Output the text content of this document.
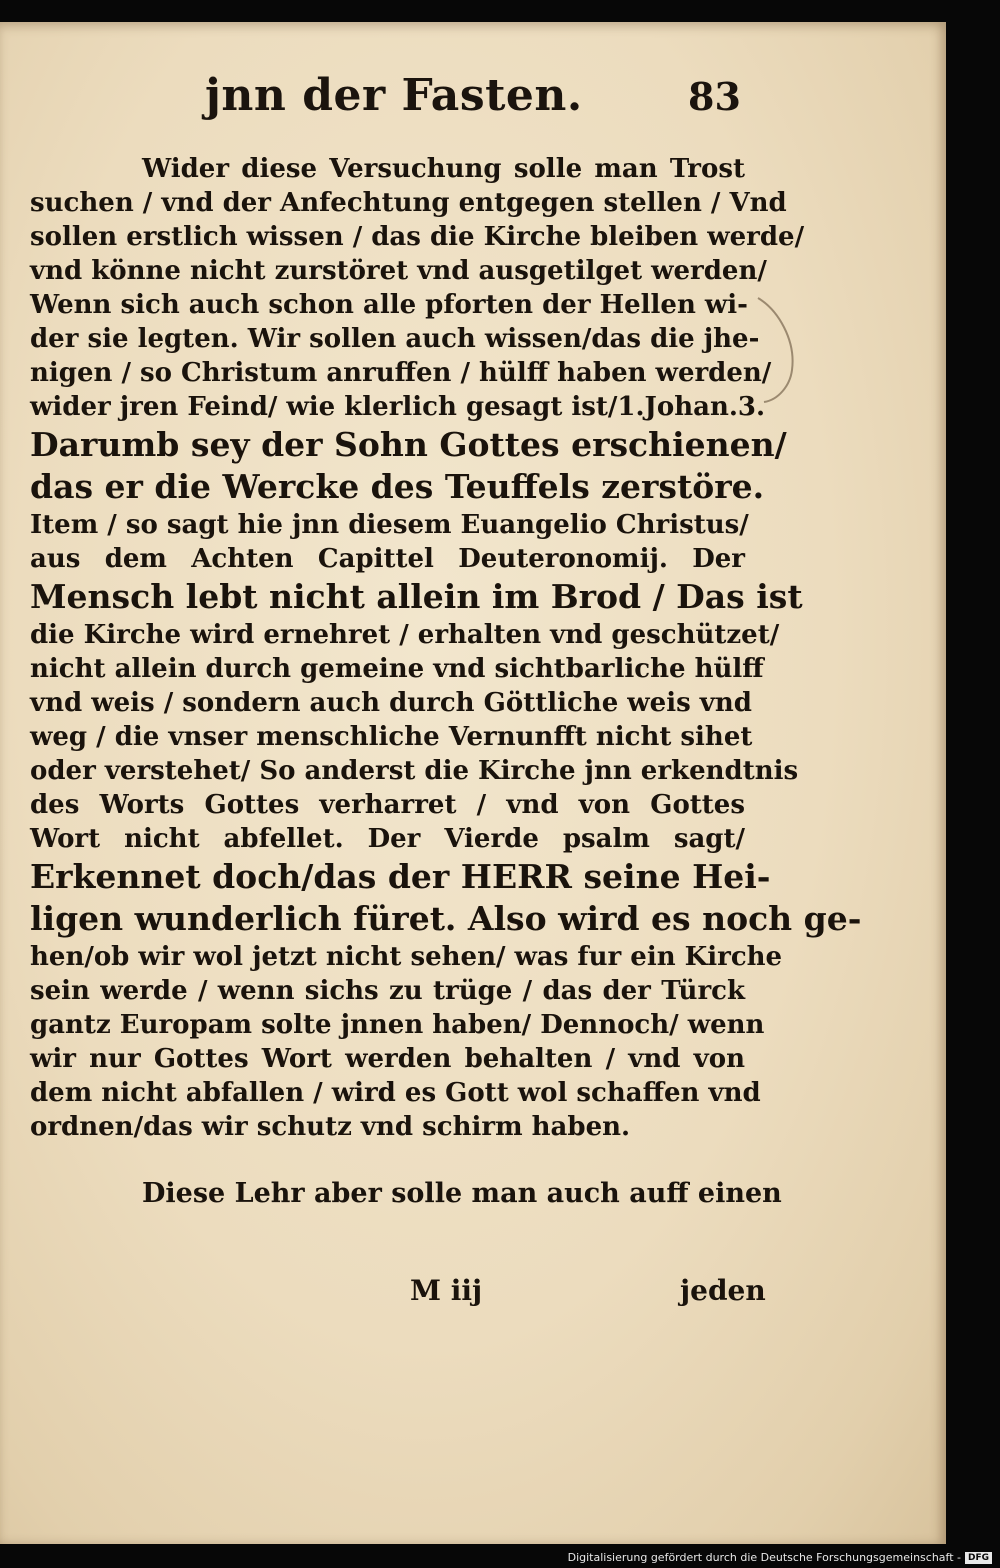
jnn der Fasten.	83
Wider diese Versuchung solle man Trost
suchen / vnd der Anfechtung entgegen stellen / Vnd
sollen erstlich wissen / das die Kirche bleiben werde/
vnd könne nicht zurstöret vnd ausgetilget werden/
Wenn sich auch schon alle pforten der Hellen wi-
der sie legten. Wir sollen auch wissen/das die jhe-
nigen / so Christum anruffen / hülff haben werden/
wider jren Feind/ wie klerlich gesagt ist/1.Johan.3.
Darumb sey der Sohn Gottes erschienen/
das er die Wercke des Teuffels zerstöre.
Item / so sagt hie jnn diesem Euangelio Christus/
aus dem Achten Capittel Deuteronomij. Der
Mensch lebt nicht allein im Brod / Das ist
die Kirche wird ernehret / erhalten vnd geschützet/
nicht allein durch gemeine vnd sichtbarliche hülff
vnd weis / sondern auch durch Göttliche weis vnd
weg / die vnser menschliche Vernunfft nicht sihet
oder verstehet/ So anderst die Kirche jnn erkendtnis
des Worts Gottes verharret / vnd von Gottes
Wort nicht abfellet. Der Vierde psalm sagt/
Erkennet doch/das der HERR seine Hei-
ligen wunderlich füret. Also wird es noch ge-
hen/ob wir wol jetzt nicht sehen/ was fur ein Kirche
sein werde / wenn sichs zu trüge / das der Türck
gantz Europam solte jnnen haben/ Dennoch/ wenn
wir nur Gottes Wort werden behalten / vnd von
dem nicht abfallen / wird es Gott wol schaffen vnd
ordnen/das wir schutz vnd schirm haben.
Diese Lehr aber solle man auch auff einen
M iij	jeden
Digitalisierung gefördert durch die Deutsche Forschungsgemeinschaft - DFG
